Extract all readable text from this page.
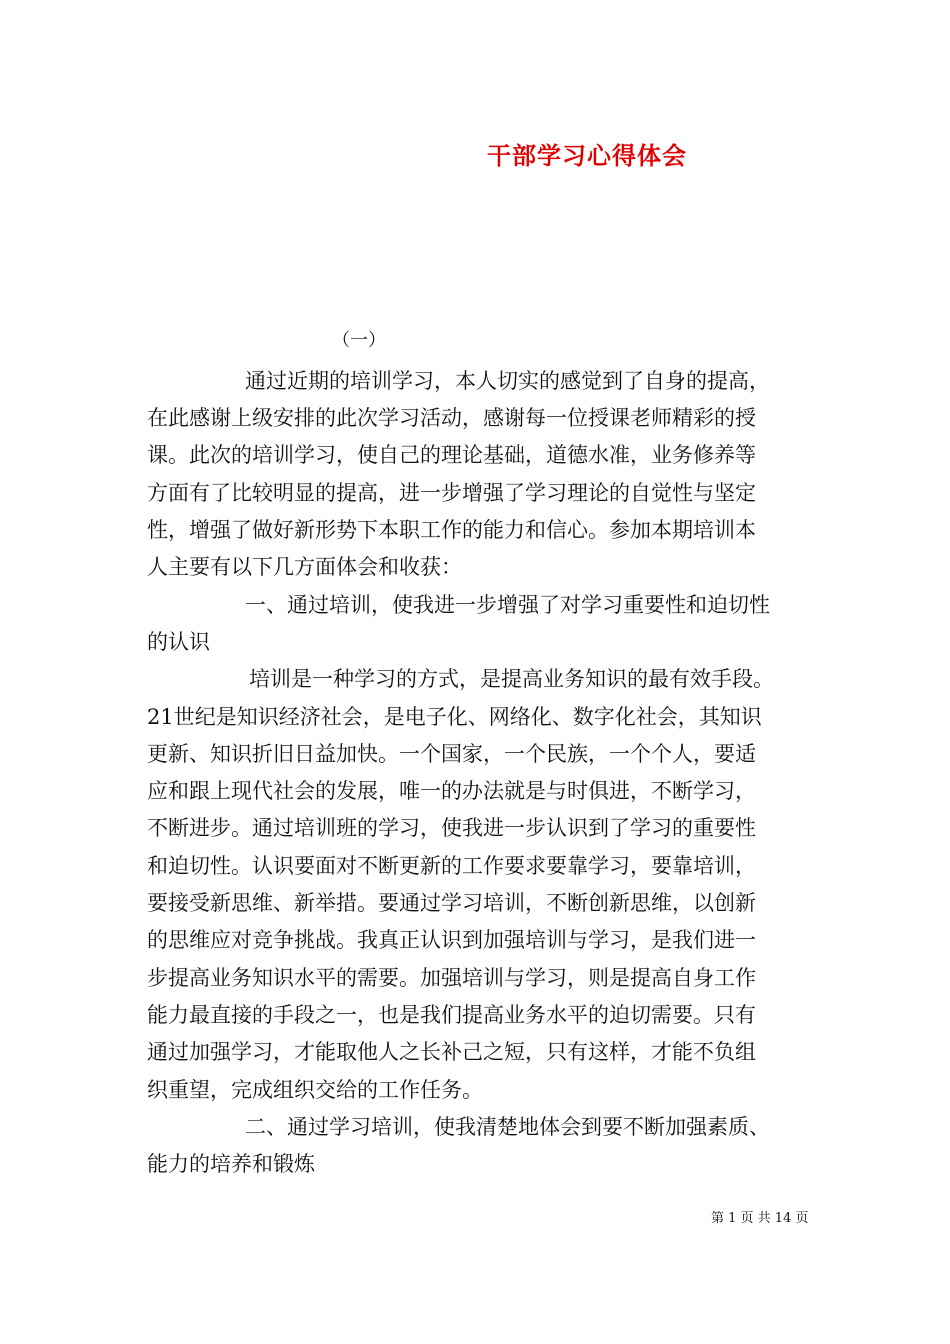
干部学习心得体会
（一）
通过近期的培训学习，本人切实的感觉到了自身的提高，
在此感谢上级安排的此次学习活动，感谢每一位授课老师精彩的授
课。此次的培训学习，使自己的理论基础，道德水准，业务修养等
方面有了比较明显的提高，进一步增强了学习理论的自觉性与坚定
性，增强了做好新形势下本职工作的能力和信心。参加本期培训本
人主要有以下几方面体会和收获：
一、通过培训，使我进一步增强了对学习重要性和迫切性
的认识
培训是一种学习的方式，是提高业务知识的最有效手段。
21世纪是知识经济社会，是电子化、网络化、数字化社会，其知识
更新、知识折旧日益加快。一个国家，一个民族，一个个人，要适
应和跟上现代社会的发展，唯一的办法就是与时俱进，不断学习，
不断进步。通过培训班的学习，使我进一步认识到了学习的重要性
和迫切性。认识要面对不断更新的工作要求要靠学习，要靠培训，
要接受新思维、新举措。要通过学习培训，不断创新思维，以创新
的思维应对竞争挑战。我真正认识到加强培训与学习，是我们进一
步提高业务知识水平的需要。加强培训与学习，则是提高自身工作
能力最直接的手段之一，也是我们提高业务水平的迫切需要。只有
通过加强学习，才能取他人之长补己之短，只有这样，才能不负组
织重望，完成组织交给的工作任务。
二、通过学习培训，使我清楚地体会到要不断加强素质、
能力的培养和锻炼
第 1 页 共 14 页
